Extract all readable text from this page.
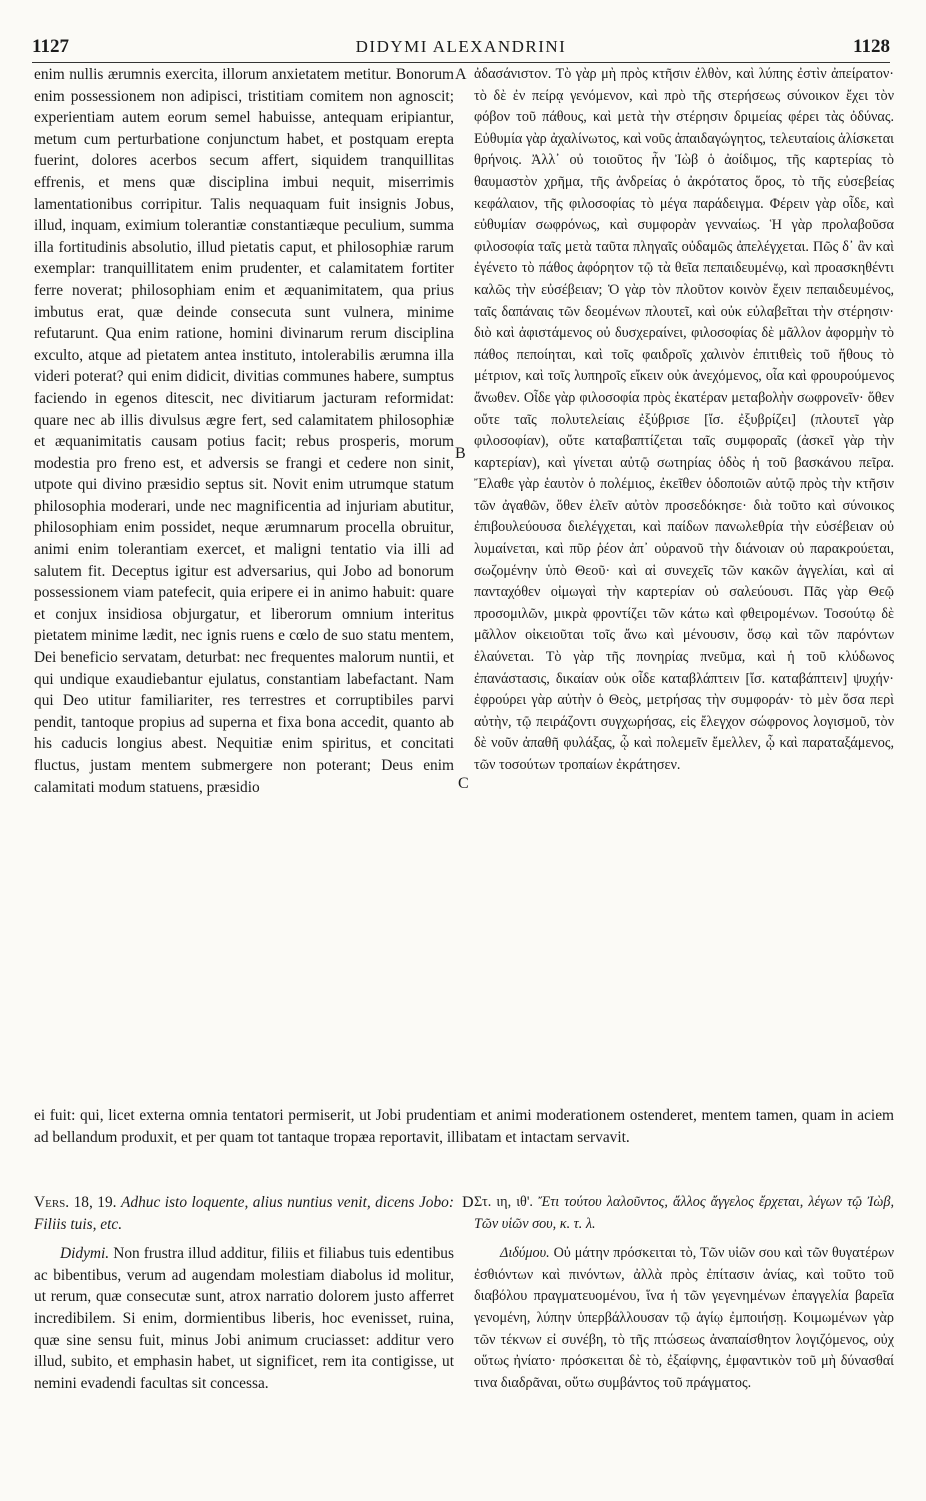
1127	DIDYMI ALEXANDRINI	1128
A
B
C
D

enim nullis ærumnis exercita, illorum anxietatem metitur. Bonorum enim possessionem non adipisci, tristitiam comitem non agnoscit; experientiam autem eorum semel habuisse, antequam eripiantur, metum cum perturbatione conjunctum habet, et postquam erepta fuerint, dolores acerbos secum affert, siquidem tranquillitas effrenis, et mens quæ disciplina imbui nequit, miserrimis lamentationibus corripitur. Talis nequaquam fuit insignis Jobus, illud, inquam, eximium tolerantiæ constantiæque peculium, summa illa fortitudinis absolutio, illud pietatis caput, et philosophiæ rarum exemplar: tranquillitatem enim prudenter, et calamitatem fortiter ferre noverat; philosophiam enim et æquanimitatem, qua prius imbutus erat, quæ deinde consecuta sunt vulnera, minime refutarunt. Qua enim ratione, homini divinarum rerum disciplina exculto, atque ad pietatem antea instituto, intolerabilis ærumna illa videri poterat? qui enim didicit, divitias communes habere, sumptus faciendo in egenos ditescit, nec divitiarum jacturam reformidat: quare nec ab illis divulsus ægre fert, sed calamitatem philosophiæ et æquanimitatis causam potius facit; rebus prosperis, morum modestia pro freno est, et adversis se frangi et cedere non sinit, utpote qui divino præsidio septus sit. Novit enim utrumque statum philosophia moderari, unde nec magnificentia ad injuriam abutitur, philosophiam enim possidet, neque ærumnarum procella obruitur, animi enim tolerantiam exercet, et maligni tentatio via illi ad salutem fit. Deceptus igitur est adversarius, qui Jobo ad bonorum possessionem viam patefecit, quia eripere ei in animo habuit: quare et conjux insidiosa objurgatur, et liberorum omnium interitus pietatem minime lædit, nec ignis ruens e cœlo de suo statu mentem, Dei beneficio servatam, deturbat: nec frequentes malorum nuntii, et qui undique exaudiebantur ejulatus, constantiam labefactant. Nam qui Deo utitur familiariter, res terrestres et corruptibiles parvi pendit, tantoque propius ad superna et fixa bona accedit, quanto ab his caducis longius abest. Nequitiæ enim spiritus, et concitati fluctus, justam mentem submergere non poterant; Deus enim calamitati modum statuens, præsidio

ἀδασάνιστον. Τὸ γὰρ μὴ πρὸς κτῆσιν ἐλθὸν, καὶ λύπης ἐστὶν ἀπείρατον· τὸ δὲ ἐν πείρᾳ γενόμενον, καὶ πρὸ τῆς στερήσεως σύνοικον ἔχει τὸν φόβον τοῦ πάθους, καὶ μετὰ τὴν στέρησιν δριμείας φέρει τὰς ὀδύνας. Εὐθυμία γὰρ ἀχαλίνωτος, καὶ νοῦς ἀπαιδαγώγητος, τελευταίοις ἁλίσκεται θρήνοις. Ἀλλ᾽ οὐ τοιοῦτος ἦν Ἰὼβ ὁ ἀοίδιμος, τῆς καρτερίας τὸ θαυμαστὸν χρῆμα, τῆς ἀνδρείας ὁ ἀκρότατος ὅρος, τὸ τῆς εὐσεβείας κεφάλαιον, τῆς φιλοσοφίας τὸ μέγα παράδειγμα. Φέρειν γὰρ οἶδε, καὶ εὐθυμίαν σωφρόνως, καὶ συμφορὰν γενναίως. Ἡ γὰρ προλαβοῦσα φιλοσοφία ταῖς μετὰ ταῦτα πληγαῖς οὐδαμῶς ἀπελέγχεται. Πῶς δ᾽ ἂν καὶ ἐγένετο τὸ πάθος ἀφόρητον τῷ τὰ θεῖα πεπαιδευμένῳ, καὶ προασκηθέντι καλῶς τὴν εὐσέβειαν; Ὁ γὰρ τὸν πλοῦτον κοινὸν ἔχειν πεπαιδευμένος, ταῖς δαπάναις τῶν δεομένων πλουτεῖ, καὶ οὐκ εὐλαβεῖται τὴν στέρησιν· διὸ καὶ ἀφιστάμενος οὐ δυσχεραίνει, φιλοσοφίας δὲ μᾶλλον ἀφορμὴν τὸ πάθος πεποίηται, καὶ τοῖς φαιδροῖς χαλινὸν ἐπιτιθεὶς τοῦ ἤθους τὸ μέτριον, καὶ τοῖς λυπηροῖς εἴκειν οὐκ ἀνεχόμενος, οἷα καὶ φρουρούμενος ἄνωθεν. Οἶδε γὰρ φιλοσοφία πρὸς ἑκατέραν μεταβολὴν σωφρονεῖν· ὅθεν οὔτε ταῖς πολυτελείαις ἐξύβρισε [ἴσ. ἐξυβρίζει] (πλουτεῖ γὰρ φιλοσοφίαν), οὔτε καταβαπτίζεται ταῖς συμφοραῖς (ἀσκεῖ γὰρ τὴν καρτερίαν), καὶ γίνεται αὐτῷ σωτηρίας ὁδὸς ἡ τοῦ βασκάνου πεῖρα. Ἔλαθε γὰρ ἑαυτὸν ὁ πολέμιος, ἐκεῖθεν ὁδοποιῶν αὐτῷ πρὸς τὴν κτῆσιν τῶν ἀγαθῶν, ὅθεν ἑλεῖν αὐτὸν προσεδόκησε· διὰ τοῦτο καὶ σύνοικος ἐπιβουλεύουσα διελέγχεται, καὶ παίδων πανωλεθρία τὴν εὐσέβειαν οὐ λυμαίνεται, καὶ πῦρ ῥέον ἀπ᾽ οὐρανοῦ τὴν διάνοιαν οὐ παρακρούεται, σωζομένην ὑπὸ Θεοῦ· καὶ αἱ συνεχεῖς τῶν κακῶν ἀγγελίαι, καὶ αἱ πανταχόθεν οἰμωγαὶ τὴν καρτερίαν οὐ σαλεύουσι. Πᾶς γὰρ Θεῷ προσομιλῶν, μικρὰ φροντίζει τῶν κάτω καὶ φθειρομένων. Τοσούτῳ δὲ μᾶλλον οἰκειοῦται τοῖς ἄνω καὶ μένουσιν, ὅσῳ καὶ τῶν παρόντων ἐλαύνεται. Τὸ γὰρ τῆς πονηρίας πνεῦμα, καὶ ἡ τοῦ κλύδωνος ἐπανάστασις, δικαίαν οὐκ οἶδε καταβλάπτειν [ἴσ. καταβάπτειν] ψυχήν· ἐφρούρει γὰρ αὐτὴν ὁ Θεὸς, μετρήσας τὴν συμφοράν· τὸ μὲν ὅσα περὶ αὐτὴν, τῷ πειράζοντι συγχωρήσας, εἰς ἔλεγχον σώφρονος λογισμοῦ, τὸν δὲ νοῦν ἀπαθῆ φυλάξας, ᾧ καὶ πολεμεῖν ἔμελλεν, ᾧ καὶ παραταξάμενος, τῶν τοσούτων τροπαίων ἐκράτησεν.

ei fuit: qui, licet externa omnia tentatori permiserit, ut Jobi prudentiam et animi moderationem ostenderet, mentem tamen, quam in aciem ad bellandum produxit, et per quam tot tantaque tropæa reportavit, illibatam et intactam servavit.

Vers. 18, 19. Adhuc isto loquente, alius nuntius venit, dicens Jobo: Filiis tuis, etc.

Didymi. Non frustra illud additur, filiis et filiabus tuis edentibus ac bibentibus, verum ad augendam molestiam diabolus id molitur, ut rerum, quæ consecutæ sunt, atrox narratio dolorem justo afferret incredibilem. Si enim, dormientibus liberis, hoc evenisset, ruina, quæ sine sensu fuit, minus Jobi animum cruciasset: additur vero illud, subito, et emphasin habet, ut significet, rem ita contigisse, ut nemini evadendi facultas sit concessa.

Στ. ιη, ιθ'. Ἔτι τούτου λαλοῦντος, ἄλλος ἄγγελος ἔρχεται, λέγων τῷ Ἰὼβ, Τῶν υἱῶν σου, κ. τ. λ.

Διδύμου. Οὐ μάτην πρόσκειται τὸ, Τῶν υἱῶν σου καὶ τῶν θυγατέρων ἐσθιόντων καὶ πινόντων, ἀλλὰ πρὸς ἐπίτασιν ἀνίας, καὶ τοῦτο τοῦ διαβόλου πραγματευομένου, ἵνα ἡ τῶν γεγενημένων ἐπαγγελία βαρεῖα γενομένη, λύπην ὑπερβάλλουσαν τῷ ἁγίῳ ἐμποιήσῃ. Κοιμωμένων γὰρ τῶν τέκνων εἰ συνέβη, τὸ τῆς πτώσεως ἀναπαίσθητον λογιζόμενος, οὐχ οὕτως ἠνίατο· πρόσκειται δὲ τὸ, ἐξαίφνης, ἐμφαντικὸν τοῦ μὴ δύνασθαί τινα διαδρᾶναι, οὕτω συμβάντος τοῦ πράγματος.
